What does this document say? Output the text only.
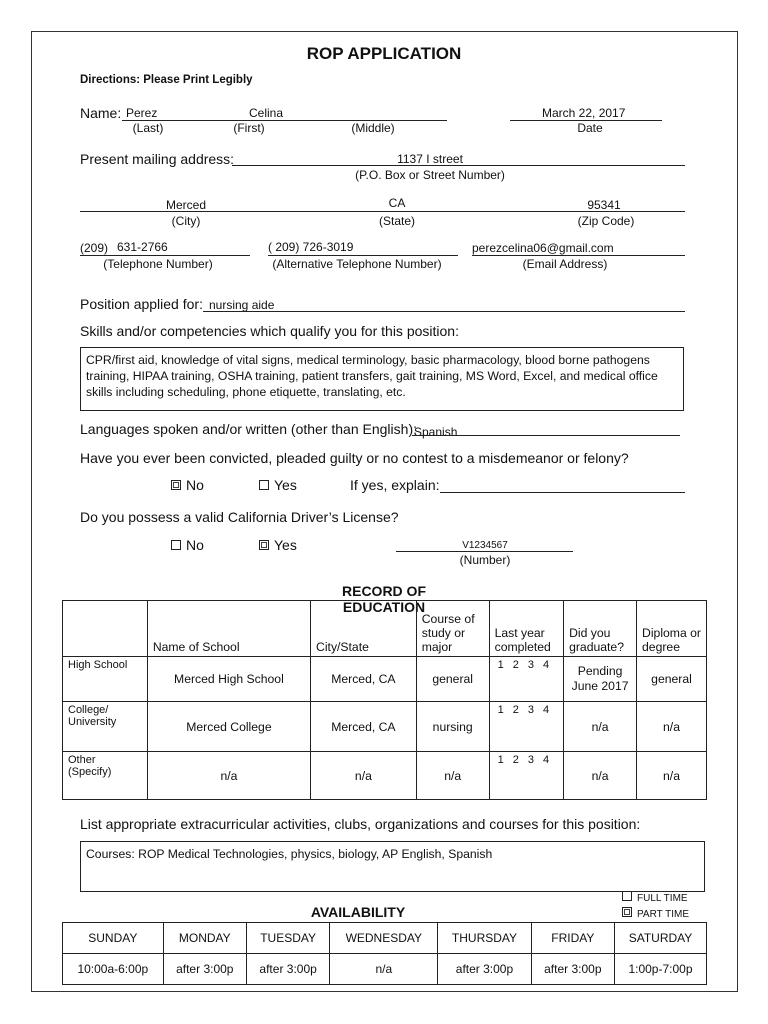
ROP APPLICATION
Directions: Please Print Legibly
Name: Perez	Celina	March 22, 2017
(Last)	(First)	(Middle)	Date
Present mailing address:	1137 I street
(P.O. Box or Street Number)
Merced	CA	95341
(City)	(State)	(Zip Code)
(209) 631-2766	( 209) 726-3019	perezcelina06@gmail.com
(Telephone Number)	(Alternative Telephone Number)	(Email Address)
Position applied for: nursing aide
Skills and/or competencies which qualify you for this position:
CPR/first aid, knowledge of vital signs, medical terminology, basic pharmacology, blood borne pathogens training, HIPAA training, OSHA training, patient transfers, gait training, MS Word, Excel, and medical office skills including scheduling, phone etiquette, translating, etc.
Languages spoken and/or written (other than English):
Spanish
Have you ever been convicted, pleaded guilty or no contest to a misdemeanor or felony?
No	Yes	If yes, explain:
Do you possess a valid California Driver’s License?
No	Yes	V1234567
(Number)
RECORD OF EDUCATION
	Name of School	City/State	Course of study or major	Last year completed	Did you graduate?	Diploma or degree
High School	Merced High School	Merced, CA	general	1 2 3 4	Pending June 2017	general
College/ University	Merced College	Merced, CA	nursing	1 2 3 4	n/a	n/a
Other (Specify)	n/a	n/a	n/a	1 2 3 4	n/a	n/a
List appropriate extracurricular activities, clubs, organizations and courses for this position:
Courses: ROP Medical Technologies, physics, biology, AP English, Spanish
AVAILABILITY
FULL TIME
PART TIME
SUNDAY	MONDAY	TUESDAY	WEDNESDAY	THURSDAY	FRIDAY	SATURDAY
10:00a-6:00p	after 3:00p	after 3:00p	n/a	after 3:00p	after 3:00p	1:00p-7:00p
